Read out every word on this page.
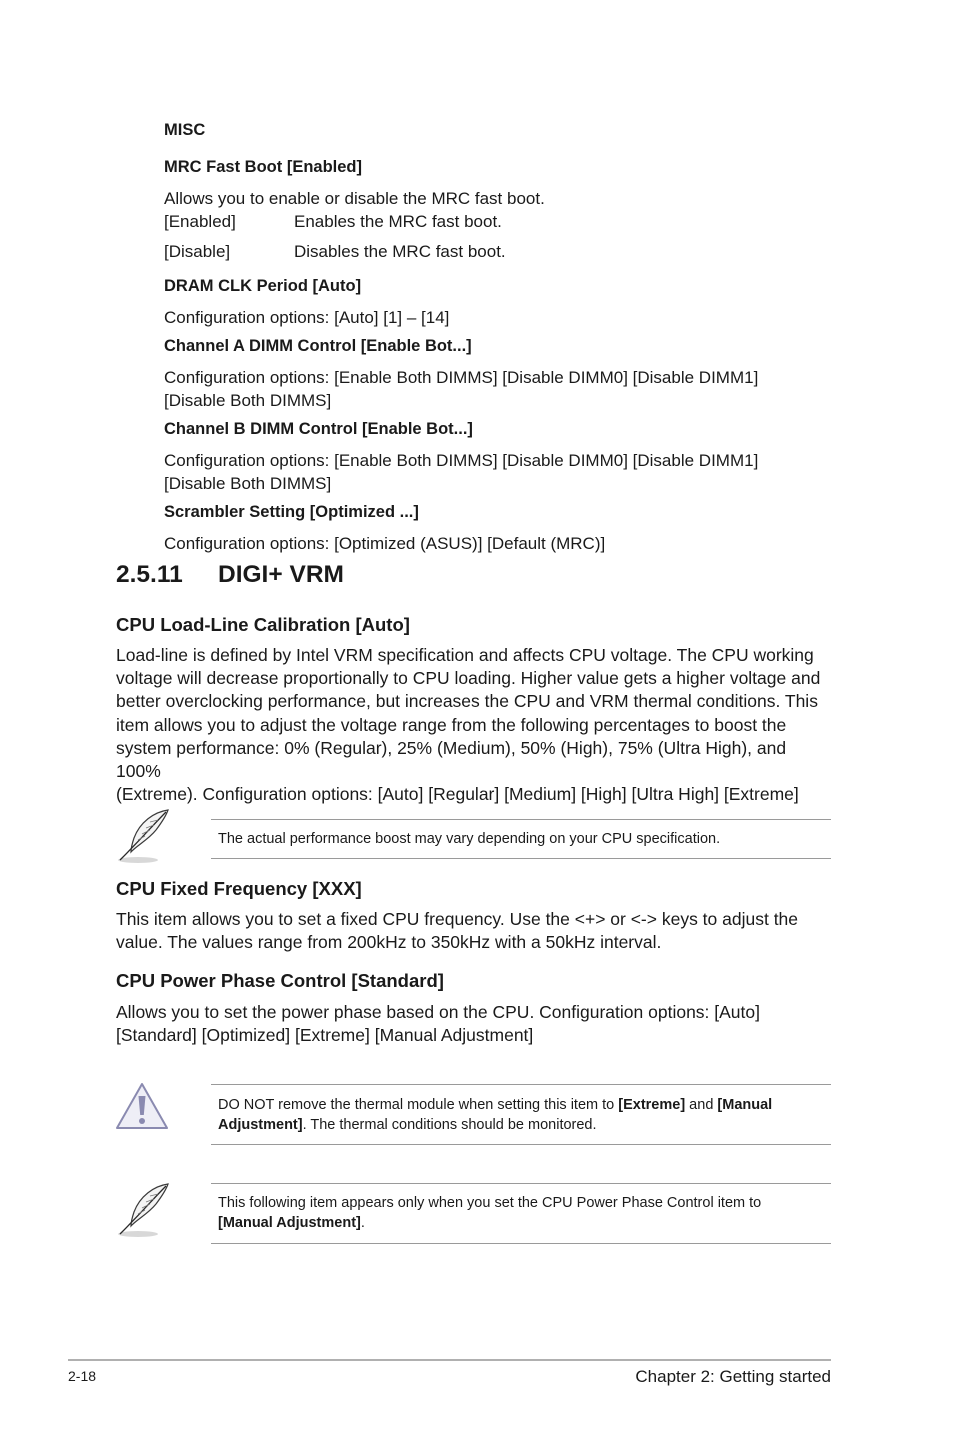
MISC
MRC Fast Boot [Enabled]
Allows you to enable or disable the MRC fast boot.
[Enabled]	Enables the MRC fast boot.
[Disable]	Disables the MRC fast boot.
DRAM CLK Period [Auto]
Configuration options: [Auto] [1] – [14]
Channel A DIMM Control [Enable Bot...]
Configuration options: [Enable Both DIMMS] [Disable DIMM0] [Disable DIMM1]
[Disable Both DIMMS]
Channel B DIMM Control [Enable Bot...]
Configuration options: [Enable Both DIMMS] [Disable DIMM0] [Disable DIMM1]
[Disable Both DIMMS]
Scrambler Setting [Optimized ...]
Configuration options: [Optimized (ASUS)] [Default (MRC)]
2.5.11 DIGI+ VRM
CPU Load-Line Calibration [Auto]
Load-line is defined by Intel VRM specification and affects CPU voltage. The CPU working
voltage will decrease proportionally to CPU loading. Higher value gets a higher voltage and
better overclocking performance, but increases the CPU and VRM thermal conditions. This
item allows you to adjust the voltage range from the following percentages to boost the
system performance: 0% (Regular), 25% (Medium), 50% (High), 75% (Ultra High), and 100%
(Extreme). Configuration options: [Auto] [Regular] [Medium] [High] [Ultra High] [Extreme]
The actual performance boost may vary depending on your CPU specification.
CPU Fixed Frequency [XXX]
This item allows you to set a fixed CPU frequency. Use the <+> or <-> keys to adjust the
value. The values range from 200kHz to 350kHz with a 50kHz interval.
CPU Power Phase Control [Standard]
Allows you to set the power phase based on the CPU. Configuration options: [Auto]
[Standard] [Optimized] [Extreme] [Manual Adjustment]
DO NOT remove the thermal module when setting this item to [Extreme] and [Manual Adjustment]. The thermal conditions should be monitored.
This following item appears only when you set the CPU Power Phase Control item to [Manual Adjustment].
2-18	Chapter 2: Getting started
